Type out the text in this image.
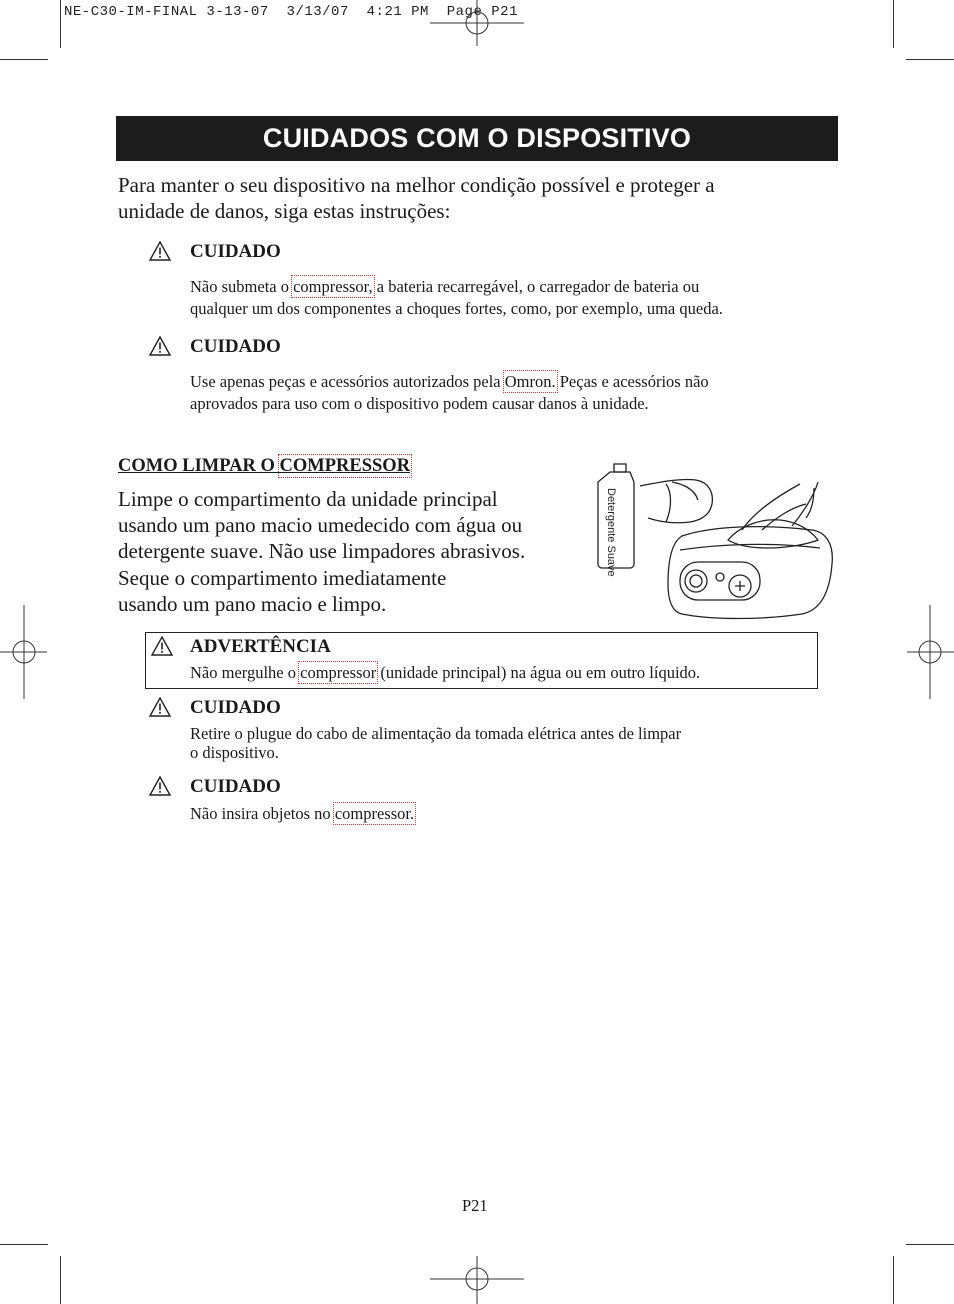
NE-C30-IM-FINAL 3-13-07  3/13/07  4:21 PM  Page P21
CUIDADOS COM O DISPOSITIVO
Para manter o seu dispositivo na melhor condição possível e proteger a
unidade de danos, siga estas instruções:
CUIDADO
Não submeta o compressor, a bateria recarregável, o carregador de bateria ou
qualquer um dos componentes a choques fortes, como, por exemplo, uma queda.
CUIDADO
Use apenas peças e acessórios autorizados pela Omron. Peças e acessórios não
aprovados para uso com o dispositivo podem causar danos à unidade.
COMO LIMPAR O COMPRESSOR
Limpe o compartimento da unidade principal
usando um pano macio umedecido com água ou
detergente suave. Não use limpadores abrasivos.
Seque o compartimento imediatamente
usando um pano macio e limpo.
Detergente Suave
ADVERTÊNCIA
Não mergulhe o compressor (unidade principal) na água ou em outro líquido.
CUIDADO
Retire o plugue do cabo de alimentação da tomada elétrica antes de limpar
o dispositivo.
CUIDADO
Não insira objetos no compressor.
P21
